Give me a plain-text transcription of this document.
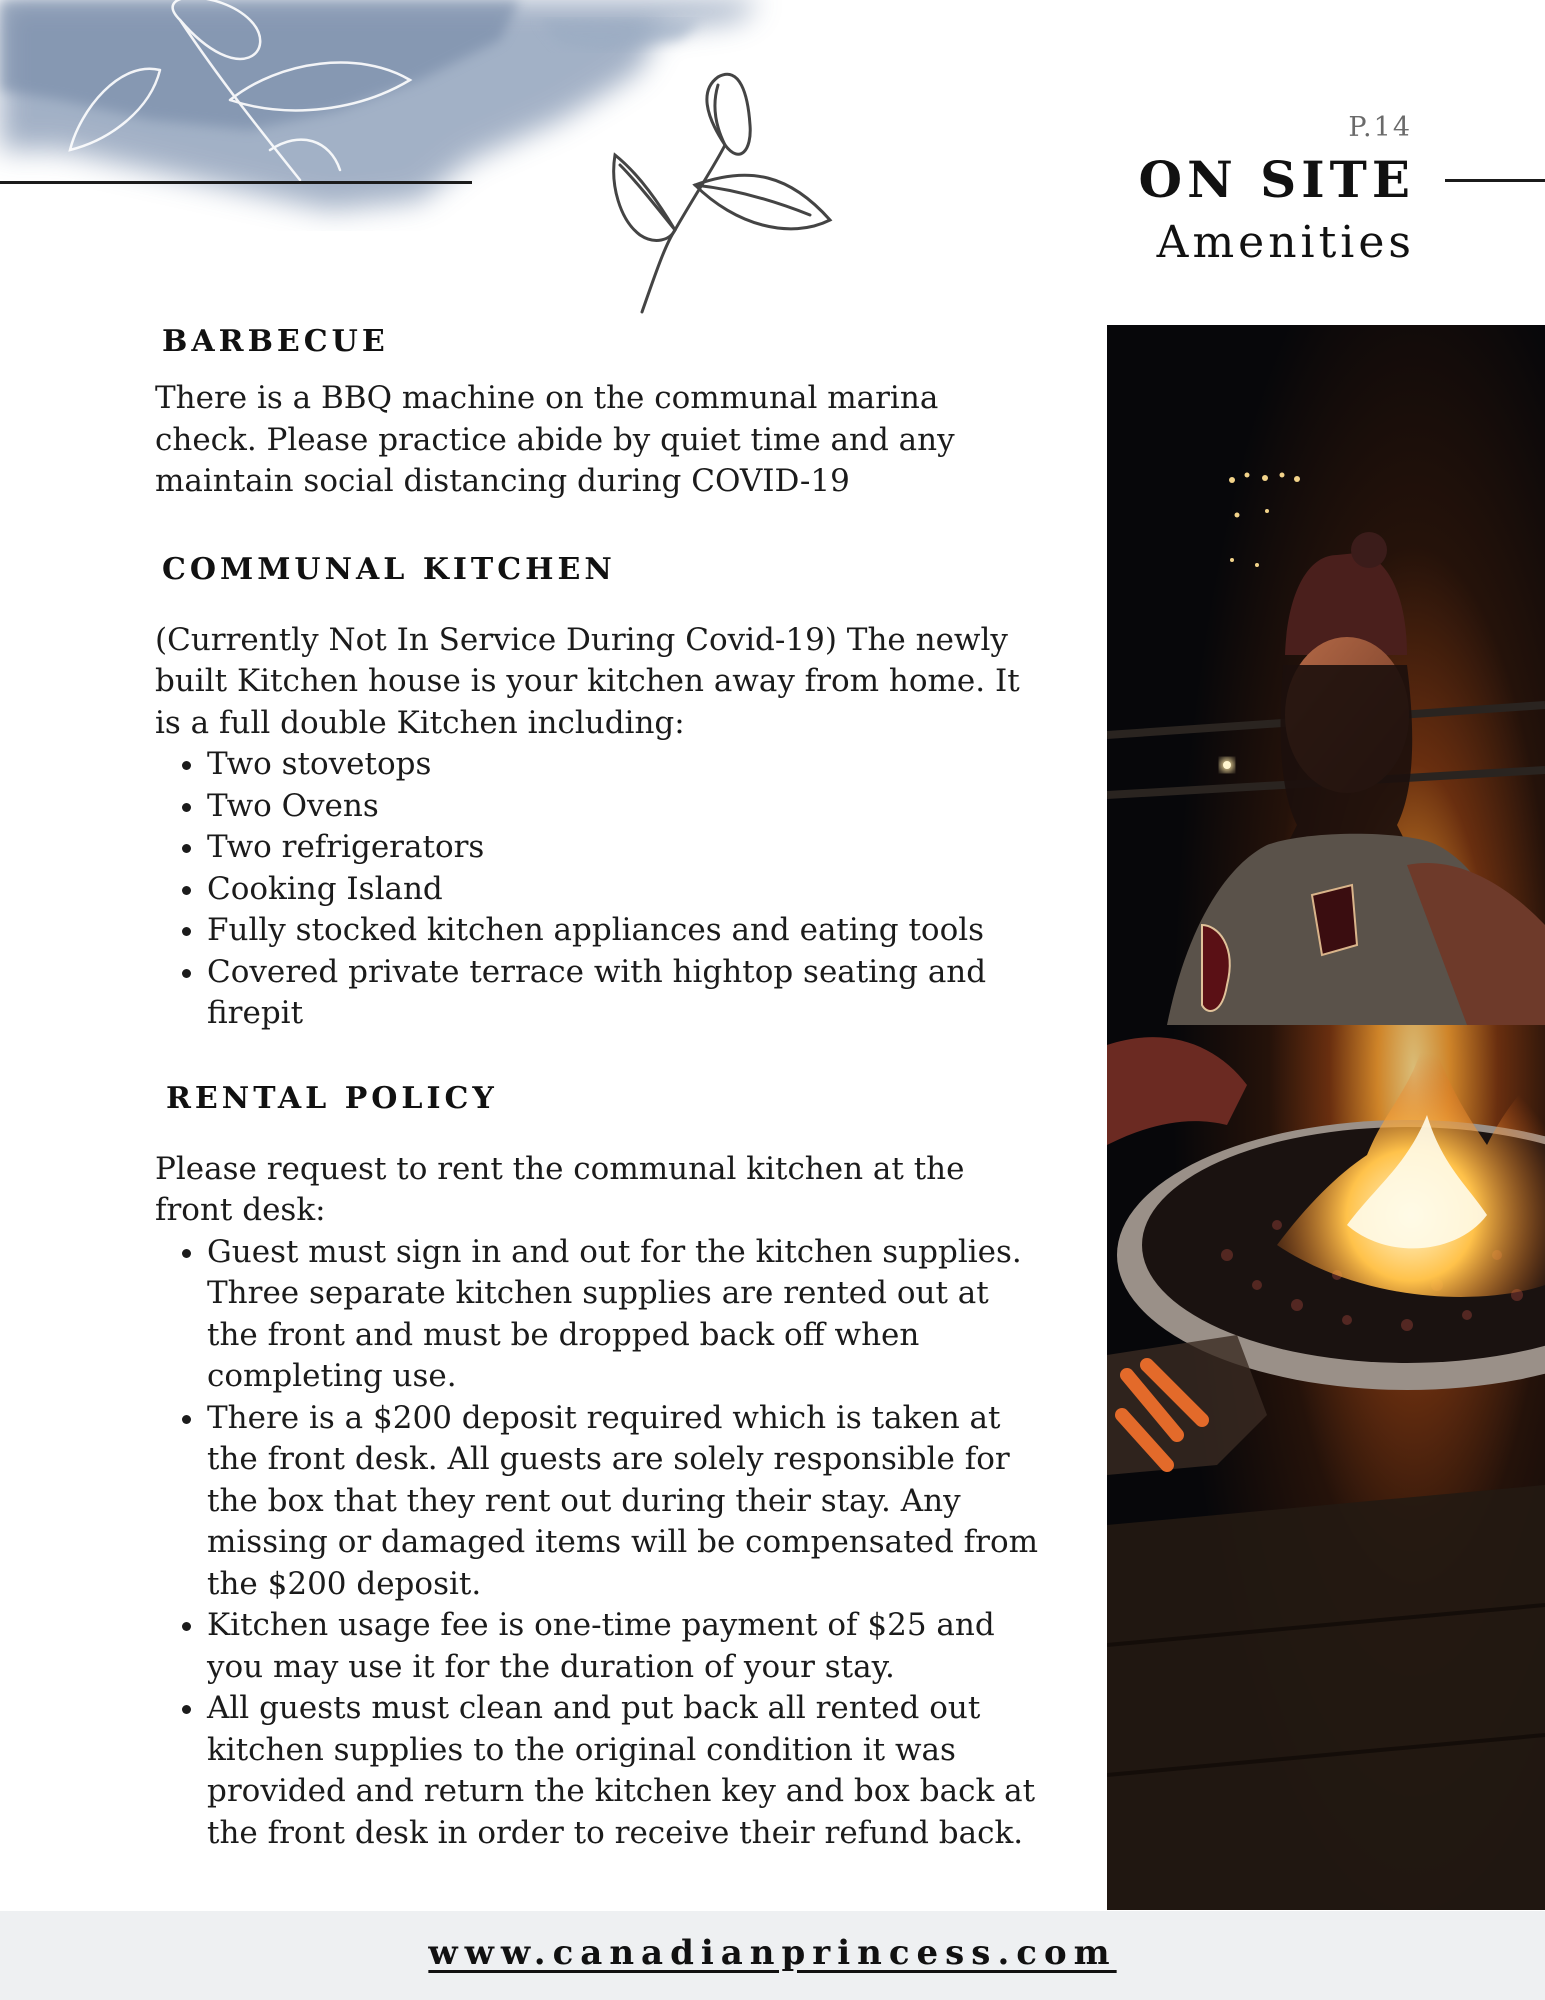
P.14
ON SITE
Amenities
BARBECUE

There is a BBQ machine on the communal marina check. Please practice abide by quiet time and any maintain social distancing during COVID-19

COMMUNAL KITCHEN

(Currently Not In Service During Covid-19) The newly built Kitchen house is your kitchen away from home. It is a full double Kitchen including:

• Two stovetops
• Two Ovens
• Two refrigerators
• Cooking Island
• Fully stocked kitchen appliances and eating tools
• Covered private terrace with hightop seating and firepit
RENTAL POLICY

Please request to rent the communal kitchen at the front desk:

• Guest must sign in and out for the kitchen supplies. Three separate kitchen supplies are rented out at the front and must be dropped back off when completing use.
• There is a $200 deposit required which is taken at the front desk. All guests are solely responsible for the box that they rent out during their stay. Any missing or damaged items will be compensated from the $200 deposit.
• Kitchen usage fee is one-time payment of $25 and you may use it for the duration of your stay.
• All guests must clean and put back all rented out kitchen supplies to the original condition it was provided and return the kitchen key and box back at the front desk in order to receive their refund back.
www.canadianprincess.com
